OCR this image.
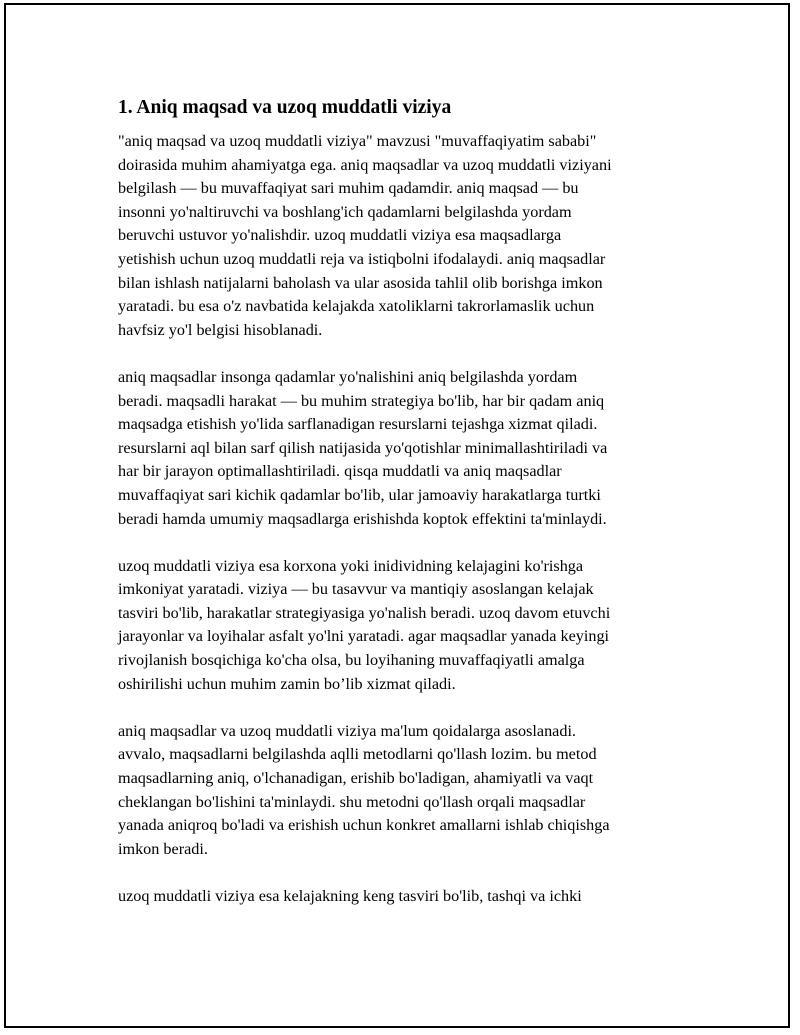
1. Aniq maqsad va uzoq muddatli viziya

"aniq maqsad va uzoq muddatli viziya" mavzusi "muvaffaqiyatim sababi"
doirasida muhim ahamiyatga ega. aniq maqsadlar va uzoq muddatli viziyani
belgilash — bu muvaffaqiyat sari muhim qadamdir. aniq maqsad — bu
insonni yo'naltiruvchi va boshlang'ich qadamlarni belgilashda yordam
beruvchi ustuvor yo'nalishdir. uzoq muddatli viziya esa maqsadlarga
yetishish uchun uzoq muddatli reja va istiqbolni ifodalaydi. aniq maqsadlar
bilan ishlash natijalarni baholash va ular asosida tahlil olib borishga imkon
yaratadi. bu esa o'z navbatida kelajakda xatoliklarni takrorlamaslik uchun
havfsiz yo'l belgisi hisoblanadi.

aniq maqsadlar insonga qadamlar yo'nalishini aniq belgilashda yordam
beradi. maqsadli harakat — bu muhim strategiya bo'lib, har bir qadam aniq
maqsadga etishish yo'lida sarflanadigan resurslarni tejashga xizmat qiladi.
resurslarni aql bilan sarf qilish natijasida yo'qotishlar minimallashtiriladi va
har bir jarayon optimallashtiriladi. qisqa muddatli va aniq maqsadlar
muvaffaqiyat sari kichik qadamlar bo'lib, ular jamoaviy harakatlarga turtki
beradi hamda umumiy maqsadlarga erishishda koptok effektini ta'minlaydi.

uzoq muddatli viziya esa korxona yoki inidividning kelajagini ko'rishga
imkoniyat yaratadi. viziya — bu tasavvur va mantiqiy asoslangan kelajak
tasviri bo'lib, harakatlar strategiyasiga yo'nalish beradi. uzoq davom etuvchi
jarayonlar va loyihalar asfalt yo'lni yaratadi. agar maqsadlar yanada keyingi
rivojlanish bosqichiga ko'cha olsa, bu loyihaning muvaffaqiyatli amalga
oshirilishi uchun muhim zamin bo’lib xizmat qiladi.

aniq maqsadlar va uzoq muddatli viziya ma'lum qoidalarga asoslanadi.
avvalo, maqsadlarni belgilashda aqlli metodlarni qo'llash lozim. bu metod
maqsadlarning aniq, o'lchanadigan, erishib bo'ladigan, ahamiyatli va vaqt
cheklangan bo'lishini ta'minlaydi. shu metodni qo'llash orqali maqsadlar
yanada aniqroq bo'ladi va erishish uchun konkret amallarni ishlab chiqishga
imkon beradi.

uzoq muddatli viziya esa kelajakning keng tasviri bo'lib, tashqi va ichki
